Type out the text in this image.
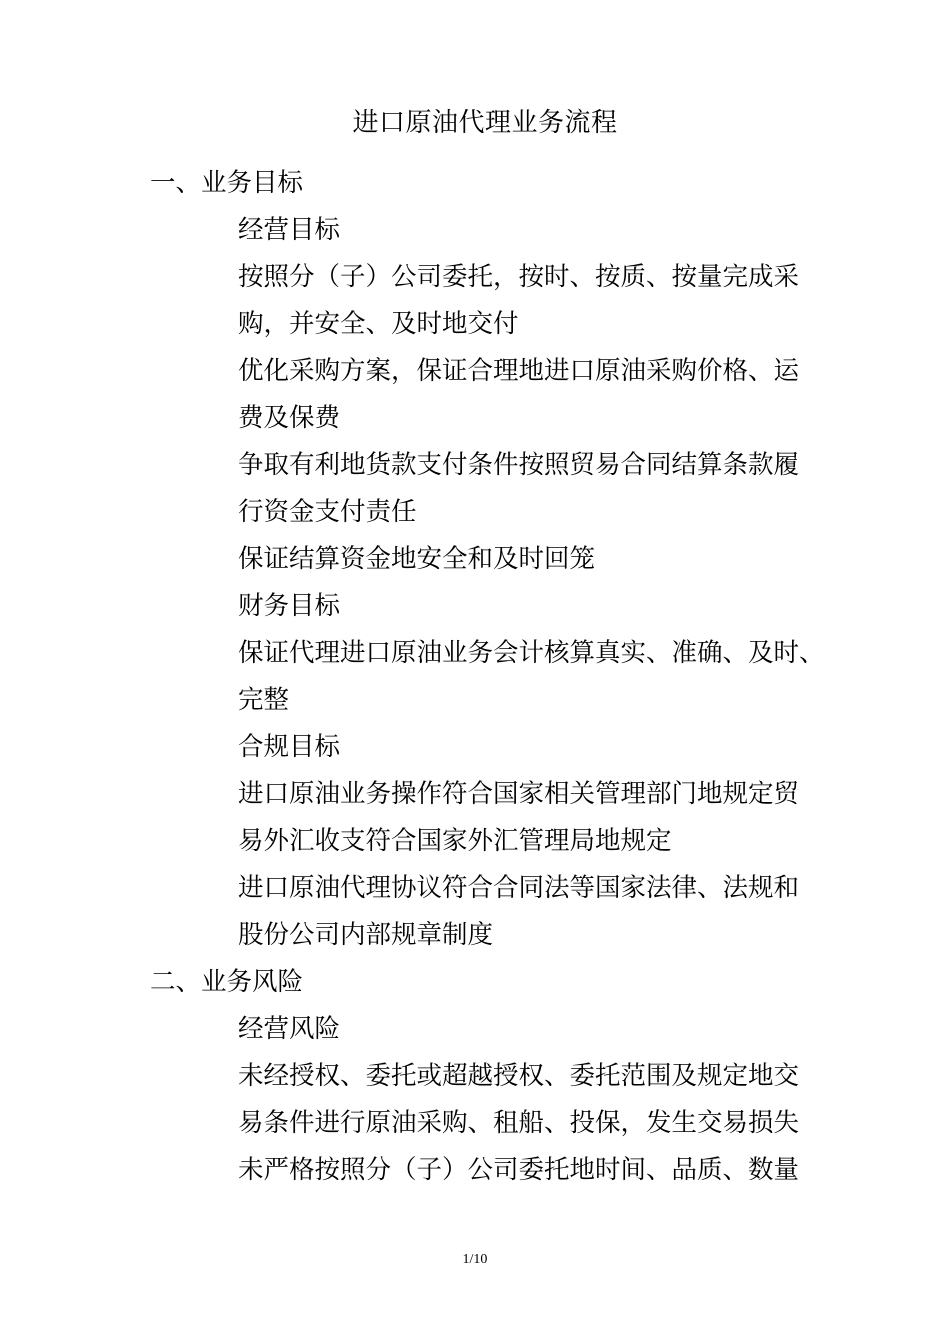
进口原油代理业务流程
一、业务目标
经营目标
按照分（子）公司委托，按时、按质、按量完成采
购，并安全、及时地交付
优化采购方案，保证合理地进口原油采购价格、运
费及保费
争取有利地货款支付条件按照贸易合同结算条款履
行资金支付责任
保证结算资金地安全和及时回笼
财务目标
保证代理进口原油业务会计核算真实、准确、及时、
完整
合规目标
进口原油业务操作符合国家相关管理部门地规定贸
易外汇收支符合国家外汇管理局地规定
进口原油代理协议符合合同法等国家法律、法规和
股份公司内部规章制度
二、业务风险
经营风险
未经授权、委托或超越授权、委托范围及规定地交
易条件进行原油采购、租船、投保，发生交易损失
未严格按照分（子）公司委托地时间、品质、数量
1/10
